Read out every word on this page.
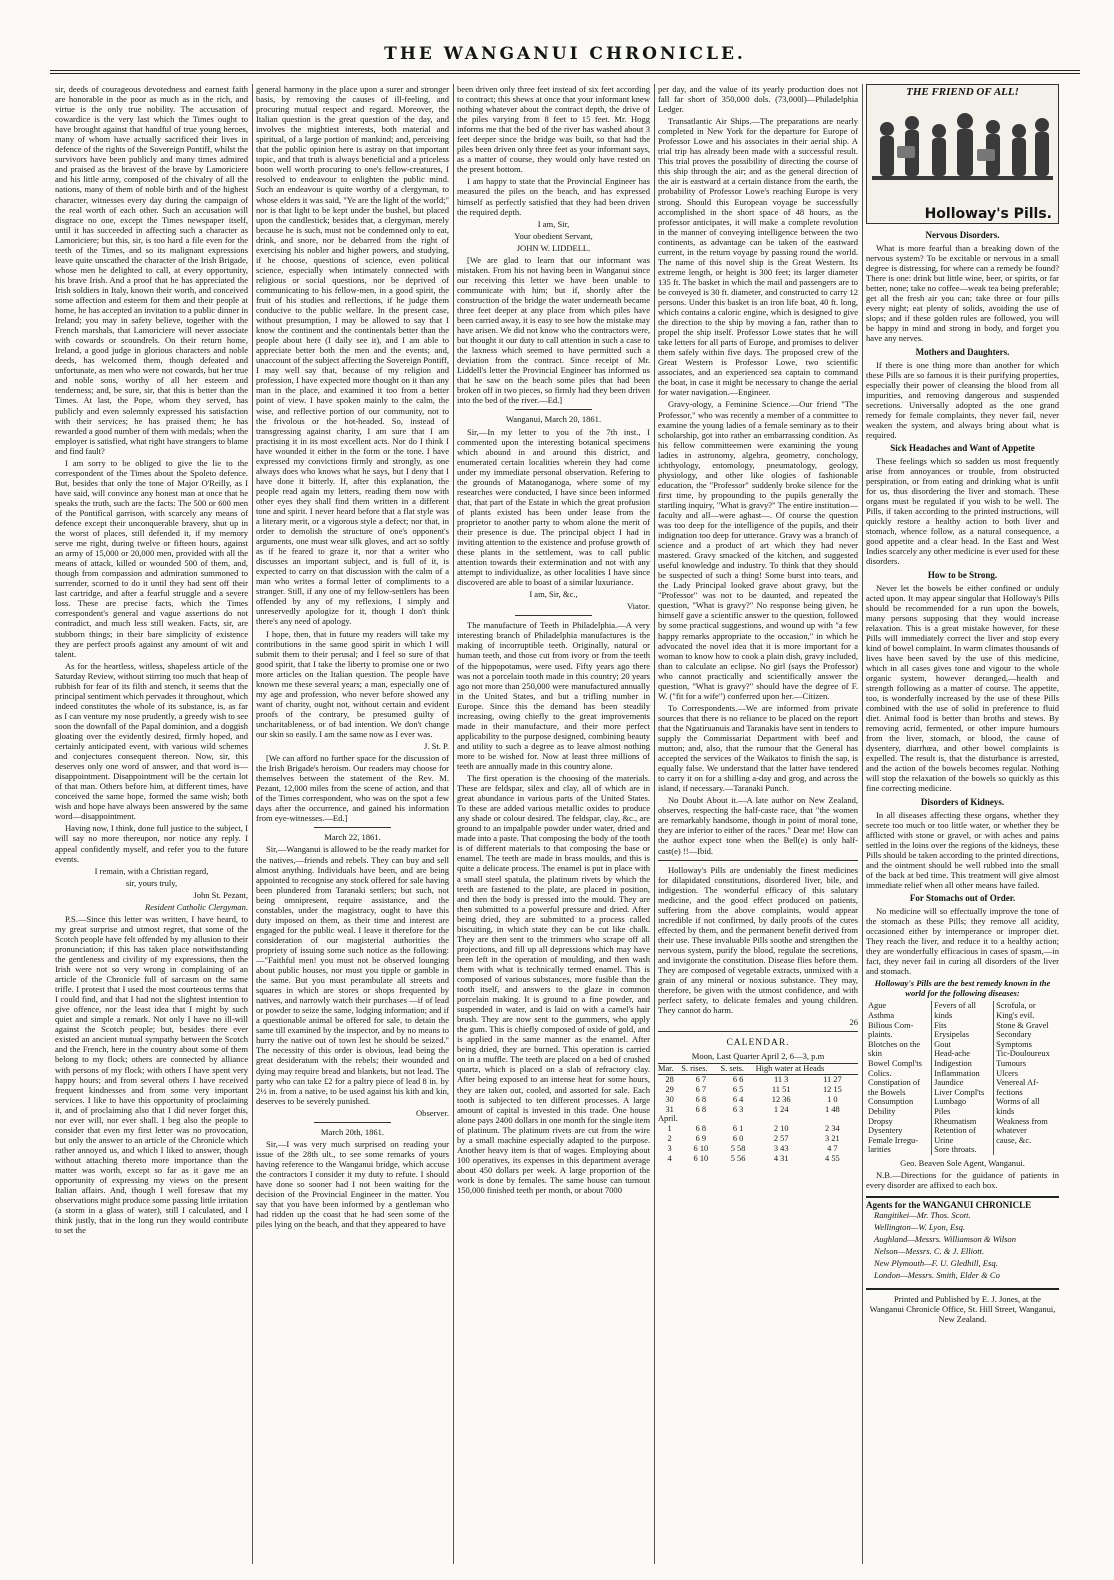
THE WANGANUI CHRONICLE.

sir, deeds of courageous devotedness and earnest faith are honorable in the poor as much as in the rich, and virtue is the only true nobility. The accusation of cowardice is the very last which the Times ought to have brought against that handful of true young heroes, many of whom have actually sacrificed their lives in defence of the rights of the Sovereign Pontiff, whilst the survivors have been publicly and many times admired and praised as the bravest of the brave by Lamoriciere and his little army, composed of the chivalry of all the nations, many of them of noble birth and of the highest character, witnesses every day during the campaign of the real worth of each other. Such an accusation will disgrace no one, except the Times newspaper itself, until it has succeeded in affecting such a character as Lamoriciere; but this, sir, is too hard a file even for the teeth of the Times, and so its malignant expressions leave quite unscathed the character of the Irish Brigade, whose men he delighted to call, at every opportunity, his brave Irish. And a proof that he has appreciated the Irish soldiers in Italy, known their worth, and conceived some affection and esteem for them and their people at home, he has accepted an invitation to a public dinner in Ireland; you may in safety believe, together with the French marshals, that Lamoriciere will never associate with cowards or scoundrels. On their return home, Ireland, a good judge in glorious characters and noble deeds, has welcomed them, though defeated and unfortunate, as men who were not cowards, but her true and noble sons, worthy of all her esteem and tenderness; and, be sure, sir, that this is better than the Times. At last, the Pope, whom they served, has publicly and even solemnly expressed his satisfaction with their services; he has praised them; he has rewarded a good number of them with medals; when the employer is satisfied, what right have strangers to blame and find fault?

I am sorry to be obliged to give the lie to the correspondent of the Times about the Spoleto defence. But, besides that only the tone of Major O'Reilly, as I have said, will convince any honest man at once that he speaks the truth, such are the facts: The 500 or 600 men of the Pontifical garrison, with scarcely any means of defence except their unconquerable bravery, shut up in the worst of places, still defended it, if my memory serve me right, during twelve or fifteen hours, against an army of 15,000 or 20,000 men, provided with all the means of attack, killed or wounded 500 of them, and, though from compassion and admiration summoned to surrender, scorned to do it until they had sent off their last cartridge, and after a fearful struggle and a severe loss. These are precise facts, which the Times correspondent's general and vague assertions do not contradict, and much less still weaken. Facts, sir, are stubborn things; in their bare simplicity of existence they are perfect proofs against any amount of wit and talent.

As for the heartless, witless, shapeless article of the Saturday Review, without stirring too much that heap of rubbish for fear of its filth and stench, it seems that the principal sentiment which pervades it throughout, which indeed constitutes the whole of its substance, is, as far as I can venture my nose prudently, a greedy wish to see soon the downfall of the Papal dominion, and a doggish gloating over the evidently desired, firmly hoped, and certainly anticipated event, with various wild schemes and conjectures consequent thereon. Now, sir, this deserves only one word of answer, and that word is—disappointment. Disappointment will be the certain lot of that man. Others before him, at different times, have conceived the same hope, formed the same wish; both wish and hope have always been answered by the same word—disappointment.

Having now, I think, done full justice to the subject, I will say no more thereupon, nor notice any reply. I appeal confidently myself, and refer you to the future events.

I remain, with a Christian regard,

sir, yours truly,

John St. Pezant,

Resident Catholic Clergyman.

P.S.—Since this letter was written, I have heard, to my great surprise and utmost regret, that some of the Scotch people have felt offended by my allusion to their pronunciation; if this has taken place notwithstanding the gentleness and civility of my expressions, then the Irish were not so very wrong in complaining of an article of the Chronicle full of sarcasm on the same trifle. I protest that I used the most courteous terms that I could find, and that I had not the slightest intention to give offence, nor the least idea that I might by such quiet and simple a remark. Not only I have no ill-will against the Scotch people; but, besides there ever existed an ancient mutual sympathy between the Scotch and the French, here in the country about some of them belong to my flock; others are connected by alliance with persons of my flock; with others I have spent very happy hours; and from several others I have received frequent kindnesses and from some very important services. I like to have this opportunity of proclaiming it, and of proclaiming also that I did never forget this, nor ever will, nor ever shall. I beg also the people to consider that even my first letter was no provocation, but only the answer to an article of the Chronicle which rather annoyed us, and which I liked to answer, though without attaching thereto more importance than the matter was worth, except so far as it gave me an opportunity of expressing my views on the present Italian affairs. And, though I well foresaw that my observations might produce some passing little irritation (a storm in a glass of water), still I calculated, and I think justly, that in the long run they would contribute to set the

general harmony in the place upon a surer and stronger basis, by removing the causes of ill-feeling, and procuring mutual respect and regard. Moreover, the Italian question is the great question of the day, and involves the mightiest interests, both material and spiritual, of a large portion of mankind; and, perceiving that the public opinion here is astray on that important topic, and that truth is always beneficial and a priceless boon well worth procuring to one's fellow-creatures, I resolved to endeavour to enlighten the public mind. Such an endeavour is quite worthy of a clergyman, to whose elders it was said, "Ye are the light of the world;" nor is that light to be kept under the bushel, but placed upon the candlestick; besides that, a clergyman, merely because he is such, must not be condemned only to eat, drink, and snore, nor be debarred from the right of exercising his nobler and higher powers, and studying, if he choose, questions of science, even political science, especially when intimately connected with religious or social questions, nor be deprived of communicating to his fellow-men, in a good spirit, the fruit of his studies and reflections, if he judge them conducive to the public welfare. In the present case, without presumption, I may be allowed to say that I know the continent and the continentals better than the people about here (I daily see it), and I am able to appreciate better both the men and the events; and, unaccount of the subject affecting the Sovereign Pontiff, I may well say that, because of my religion and profession, I have expected more thought on it than any man in the place, and examined it too from a better point of view. I have spoken mainly to the calm, the wise, and reflective portion of our community, not to the frivolous or the hot-headed. So, instead of transgressing against charity, I am sure that I am practising it in its most excellent acts. Nor do I think I have wounded it either in the form or the tone. I have expressed my convictions firmly and strongly, as one always does who knows what he says, but I deny that I have done it bitterly. If, after this explanation, the people read again my letters, reading them now with other eyes they shall find them written in a different tone and spirit. I never heard before that a flat style was a literary merit, or a vigorous style a defect; nor that, in order to demolish the structure of one's opponent's arguments, one must wear silk gloves, and act so softly as if he feared to graze it, nor that a writer who discusses an important subject, and is full of it, is expected to carry on that discussion with the calm of a man who writes a formal letter of compliments to a stranger. Still, if any one of my fellow-settlers has been offended by any of my reflexions, I simply and unreservedly apologize for it, though I don't think there's any need of apology.

I hope, then, that in future my readers will take my contributions in the same good spirit in which I will submit them to their perusal; and I feel so sure of that good spirit, that I take the liberty to promise one or two more articles on the Italian question. The people have known me these several years; a man, especially one of my age and profession, who never before showed any want of charity, ought not, without certain and evident proofs of the contrary, be presumed guilty of uncharitableness, or of bad intention. We don't change our skin so easily. I am the same now as I ever was.

J. St. P.

[We can afford no further space for the discussion of the Irish Brigade's heroism. Our readers may choose for themselves between the statement of the Rev. M. Pezant, 12,000 miles from the scene of action, and that of the Times correspondent, who was on the spot a few days after the occurrence, and gained his information from eye-witnesses.—Ed.]

March 22, 1861.

Sir,—Wanganui is allowed to be the ready market for the natives,—friends and rebels. They can buy and sell almost anything. Individuals have been, and are being appointed to recognise any stock offered for sale having been plundered from Taranaki settlers; but such, not being omnipresent, require assistance, and the constables, under the magistracy, ought to have this duty imposed on them, as their time and interest are engaged for the public weal. I leave it therefore for the consideration of our magisterial authorities the propriety of issuing some such notice as the following:—"Faithful men! you must not be observed lounging about public houses, nor must you tipple or gamble in the same. But you must perambulate all streets and squares in which are stores or shops frequented by natives, and narrowly watch their purchases —if of lead or powder to seize the same, lodging information; and if a questionable animal be offered for sale, to detain the same till examined by the inspector, and by no means to hurry the native out of town lest he should be seized." The necessity of this order is obvious, lead being the great desideratum with the rebels; their wounded and dying may require bread and blankets, but not lead. The party who can take £2 for a paltry piece of lead 8 in. by 2½ in. from a native, to be used against his kith and kin, deserves to be severely punished.

Observer.

March 20th, 1861.

Sir,—I was very much surprised on reading your issue of the 28th ult., to see some remarks of yours having reference to the Wanganui bridge, which accuse the contractors I consider it my duty to refute. I should have done so sooner had I not been waiting for the decision of the Provincial Engineer in the matter. You say that you have been informed by a gentleman who had ridden up the coast that he had seen some of the piles lying on the beach, and that they appeared to have

been driven only three feet instead of six feet according to contract; this shews at once that your informant knew nothing whatever about the contract depth, the drive of the piles varying from 8 feet to 15 feet. Mr. Hogg informs me that the bed of the river has washed about 3 feet deeper since the bridge was built, so that had the piles been driven only three feet as your informant says, as a matter of course, they would only have rested on the present bottom.

I am happy to state that the Provincial Engineer has measured the piles on the beach, and has expressed himself as perfectly satisfied that they had been driven the required depth.

I am, Sir,

Your obedient Servant,

JOHN W. LIDDELL.

[We are glad to learn that our informant was mistaken. From his not having been in Wanganui since our receiving this letter we have been unable to communicate with him; but if, shortly after the construction of the bridge the water underneath became three feet deeper at any place from which piles have been carried away, it is easy to see how the mistake may have arisen. We did not know who the contractors were, but thought it our duty to call attention in such a case to the laxness which seemed to have permitted such a deviation from the contract. Since receipt of Mr. Liddell's letter the Provincial Engineer has informed us that he saw on the beach some piles that had been broken off in two pieces, so firmly had they been driven into the bed of the river.—Ed.]

Wanganui, March 20, 1861.

Sir,—In my letter to you of the 7th inst., I commented upon the interesting botanical specimens which abound in and around this district, and enumerated certain localities wherein they had come under my immediate personal observation. Refering to the grounds of Matanoganoga, where some of my researches were conducted, I have since been informed that, that part of the Estate in which the great profusion of plants existed has been under lease from the proprietor to another party to whom alone the merit of their presence is due. The principal object I had in inviting attention to the existence and profuse growth of these plants in the settlement, was to call public attention towards their extermination and not with any attempt to individualize, as other localities I have since discovered are able to boast of a similar luxuriance.

I am, Sir, &c.,

Viator.

The manufacture of Teeth in Philadelphia.—A very interesting branch of Philadelphia manufactures is the making of incorruptible teeth. Originally, natural or human teeth, and those cut from ivory or from the teeth of the hippopotamus, were used. Fifty years ago there was not a porcelain tooth made in this country; 20 years ago not more than 250,000 were manufactured annually in the United States, and but a trifling number in Europe. Since this the demand has been steadily increasing, owing chiefly to the great improvements made in their manufacture, and their more perfect applicability to the purpose designed, combining beauty and utility to such a degree as to leave almost nothing more to be wished for. Now at least three millions of teeth are annually made in this country alone.

The first operation is the choosing of the materials. These are feldspar, silex and clay, all of which are in great abundance in various parts of the United States. To these are added various metallic oxides to produce any shade or colour desired. The feldspar, clay, &c., are ground to an impalpable powder under water, dried and made into a paste. That composing the body of the tooth is of different materials to that composing the base or enamel. The teeth are made in brass moulds, and this is quite a delicate process. The enamel is put in place with a small steel spatula, the platinum rivets by which the teeth are fastened to the plate, are placed in position, and then the body is pressed into the mould. They are then submitted to a powerful pressure and dried. After being dried, they are submitted to a process called biscuiting, in which state they can be cut like chalk. They are then sent to the trimmers who scrape off all projections, and fill up all depressions which may have been left in the operation of moulding, and then wash them with what is technically termed enamel. This is composed of various substances, more fusible than the tooth itself, and answers to the glaze in common porcelain making. It is ground to a fine powder, and suspended in water, and is laid on with a camel's hair brush. They are now sent to the gummers, who apply the gum. This is chiefly composed of oxide of gold, and is applied in the same manner as the enamel. After being dried, they are burned. This operation is carried on in a muffle. The teeth are placed on a bed of crushed quartz, which is placed on a slab of refractory clay. After being exposed to an intense heat for some hours, they are taken out, cooled, and assorted for sale. Each tooth is subjected to ten different processes. A large amount of capital is invested in this trade. One house alone pays 2400 dollars in one month for the single item of platinum. The platinum rivets are cut from the wire by a small machine especially adapted to the purpose. Another heavy item is that of wages. Employing about 100 operatives, its expenses in this department average about 450 dollars per week. A large proportion of the work is done by females. The same house can turnout 150,000 finished teeth per month, or about 7000

per day, and the value of its yearly production does not fall far short of 350,000 dols. (73,000l)—Philadelphia Ledger.

Transatlantic Air Ships.—The preparations are nearly completed in New York for the departure for Europe of Professor Lowe and his associates in their aerial ship. A trial trip has already been made with a successful result. This trial proves the possibility of directing the course of this ship through the air; and as the general direction of the air is eastward at a certain distance from the earth, the probability of Professor Lowe's reaching Europe is very strong. Should this European voyage be successfully accomplished in the short space of 48 hours, as the professor anticipates, it will make a complete revolution in the manner of conveying intelligence between the two continents, as advantage can be taken of the eastward current, in the return voyage by passing round the world. The name of this novel ship is the Great Western. Its extreme length, or height is 300 feet; its larger diameter 135 ft. The basket in which the mail and passengers are to be conveyed is 30 ft. diameter, and constructed to carry 12 persons. Under this basket is an iron life boat, 40 ft. long, which contains a caloric engine, which is designed to give the direction to the ship by moving a fan, rather than to propel the ship itself. Professor Lowe states that he will take letters for all parts of Europe, and promises to deliver them safely within five days. The proposed crew of the Great Western is Professor Lowe, two scientific associates, and an experienced sea captain to command the boat, in case it might be necessary to change the aerial for water navigation.—Engineer.

Gravy-ology, a Feminine Science.—Our friend "The Professor," who was recently a member of a committee to examine the young ladies of a female seminary as to their scholarship, got into rather an embarrassing condition. As his fellow committeemen were examining the young ladies in astronomy, algebra, geometry, conchology, ichthyology, entomology, pneumatology, geology, physiology, and other like ologies of fashionable education, the "Professor" suddenly broke silence for the first time, by propounding to the pupils generally the startling inquiry, "What is gravy?" The entire institution—faculty and all—were aghast—. Of course the question was too deep for the intelligence of the pupils, and their indignation too deep for utterance. Gravy was a branch of science and a product of art which they had never mastered. Gravy smacked of the kitchen, and suggested useful knowledge and industry. To think that they should be suspected of such a thing! Some burst into tears, and the Lady Principal looked grave about gravy, but the "Professor" was not to be daunted, and repeated the question, "What is gravy?" No response being given, he himself gave a scientific answer to the question, followed by some practical suggestions, and wound up with "a few happy remarks appropriate to the occasion," in which he advocated the novel idea that it is more important for a woman to know how to cook a plain dish, gravy included, than to calculate an eclipse. No girl (says the Professor) who cannot practically and scientifically answer the question, "What is gravy?" should have the degree of F. W. ("fit for a wife") conferred upon her.—Citizen.

To Correspondents.—We are informed from private sources that there is no reliance to be placed on the report that the Ngatiruanuis and Taranakis have sent in tenders to supply the Commissariat Department with beef and mutton; and, also, that the rumour that the General has accepted the services of the Waikatos to finish the sap, is equally false. We understand that the latter have tendered to carry it on for a shilling a-day and grog, and across the island, if necessary.—Taranaki Punch.

No Doubt About it.—A late author on New Zealand, observes, respecting the half-caste race, that "the women are remarkably handsome, though in point of moral tone, they are inferior to either of the races." Dear me! How can the author expect tone when the Bell(e) is only half-cast(e) !!—Ibid.

Holloway's Pills are undeniably the finest medicines for dilapidated constitutions, disordered liver, bile, and indigestion. The wonderful efficacy of this salutary medicine, and the good effect produced on patients, suffering from the above complaints, would appear incredible if not confirmed, by daily proofs of the cures effected by them, and the permanent benefit derived from their use. These invaluable Pills soothe and strengthen the nervous system, purify the blood, regulate the secretions, and invigorate the constitution. Disease flies before them. They are composed of vegetable extracts, unmixed with a grain of any mineral or noxious substance. They may, therefore, be given with the utmost confidence, and with perfect safety, to delicate females and young children. They cannot do harm.

26

CALENDAR.
Moon, Last Quarter April 2, 6—3, p.m
Mar.	S. rises.	S. sets.	High water at Heads	
28	6 7	6 6	11 3	11 27
29	6 7	6 5	11 51	12 15
30	6 8	6 4	12 36	1 0
31	6 8	6 3	1 24	1 48
April.				
1	6 8	6 1	2 10	2 34
2	6 9	6 0	2 57	3 21
3	6 10	5 58	3 43	4 7
4	6 10	5 56	4 31	4 55
THE FRIEND OF ALL!
Holloway's Pills.

Nervous Disorders.

What is more fearful than a breaking down of the nervous system? To be excitable or nervous in a small degree is distressing, for where can a remedy be found? There is one: drink but little wine, beer, or spirits, or far better, none; take no coffee—weak tea being preferable; get all the fresh air you can; take three or four pills every night; eat plenty of solids, avoiding the use of slops; and if these golden rules are followed, you will be happy in mind and strong in body, and forget you have any nerves.

Mothers and Daughters.

If there is one thing more than another for which these Pills are so famous it is their purifying properties, especially their power of cleansing the blood from all impurities, and removing dangerous and suspended secretions. Universally adopted as the one grand remedy for female complaints, they never fail, never weaken the system, and always bring about what is required.

Sick Headaches and Want of Appetite

These feelings which so sadden us most frequently arise from annoyances or trouble, from obstructed perspiration, or from eating and drinking what is unfit for us, thus disordering the liver and stomach. These organs must be regulated if you wish to be well. The Pills, if taken according to the printed instructions, will quickly restore a healthy action to both liver and stomach, whence follow, as a natural consequence, a good appetite and a clear head. In the East and West Indies scarcely any other medicine is ever used for these disorders.

How to be Strong.

Never let the bowels be either confined or unduly acted upon. It may appear singular that Holloway's Pills should be recommended for a run upon the bowels, many persons supposing that they would increase relaxation. This is a great mistake however, for these Pills will immediately correct the liver and stop every kind of bowel complaint. In warm climates thousands of lives have been saved by the use of this medicine, which in all cases gives tone and vigour to the whole organic system, however deranged,—health and strength following as a matter of course. The appetite, too, is wonderfully increased by the use of these Pills combined with the use of solid in preference to fluid diet. Animal food is better than broths and stews. By removing acrid, fermented, or other impure humours from the liver, stomach, or blood, the cause of dysentery, diarrhœa, and other bowel complaints is expelled. The result is, that the disturbance is arrested, and the action of the bowels becomes regular. Nothing will stop the relaxation of the bowels so quickly as this fine correcting medicine.

Disorders of Kidneys.

In all diseases affecting these organs, whether they secrete too much or too little water, or whether they be afflicted with stone or gravel, or with aches and pains settled in the loins over the regions of the kidneys, these Pills should be taken according to the printed directions, and the ointment should be well rubbed into the small of the back at bed time. This treatment will give almost immediate relief when all other means have failed.

For Stomachs out of Order.

No medicine will so effectually improve the tone of the stomach as these Pills; they remove all acidity, occasioned either by intemperance or improper diet. They reach the liver, and reduce it to a healthy action; they are wonderfully efficacious in cases of spasm,—in fact, they never fail in curing all disorders of the liver and stomach.

Holloway's Pills are the best remedy known in the world for the following diseases:

Ague	Fevers of all	Scrofula, or
Asthma	kinds	King's evil.
Bilious Com-	Fits	Stone & Gravel
plaints.	Erysipelas	Secondary
Blotches on the	Gout	Symptoms
skin	Head-ache	Tic-Douloureux
Bowel Compl'ts	Indigestion	Tumours
Colics.	Inflammation	Ulcers
Constipation of	Jaundice	Venereal Af-
the Bowels	Liver Compl'ts	fections
Consumption	Lumbago	Worms of all
Debility	Piles	kinds
Dropsy	Rheumatism	Weakness from
Dysentery	Retention of	whatever
Female Irregu-	Urine	cause, &c.
larities	Sore throats.	

Geo. Beaven Sole Agent, Wanganui.

N.B.—Directions for the guidance of patients in every disorder are affixed to each box.

Agents for the WANGANUI CHRONICLE

Rangitikei—Mr. Thos. Scott.

Wellington—W. Lyon, Esq.

Aughland—Messrs. Williamson & Wilson

Nelson—Messrs. C. & J. Elliott.

New Plymouth—F. U. Gledhill, Esq.

London—Messrs. Smith, Elder & Co

Printed and Published by E. J. Jones, at the Wanganui Chronicle Office, St. Hill Street, Wanganui, New Zealand.
